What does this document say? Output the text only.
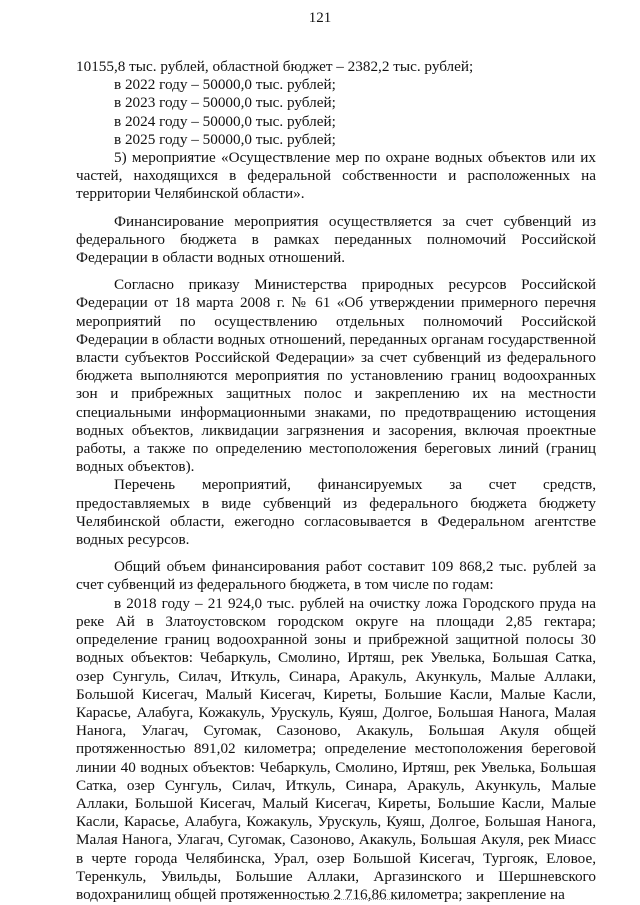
121

10155,8 тыс. рублей, областной бюджет – 2382,2 тыс. рублей;

в 2022 году – 50000,0 тыс. рублей;

в 2023 году – 50000,0 тыс. рублей;

в 2024 году – 50000,0 тыс. рублей;

в 2025 году – 50000,0 тыс. рублей;

5) мероприятие «Осуществление мер по охране водных объектов или их частей, находящихся в федеральной собственности и расположенных на территории Челябинской области».

Финансирование мероприятия осуществляется за счет субвенций из федерального бюджета в рамках переданных полномочий Российской Федерации в области водных отношений.

Согласно приказу Министерства природных ресурсов Российской Федерации от 18 марта 2008 г. № 61 «Об утверждении примерного перечня мероприятий по осуществлению отдельных полномочий Российской Федерации в области водных отношений, переданных органам государственной власти субъектов Российской Федерации» за счет субвенций из федерального бюджета выполняются мероприятия по установлению границ водоохранных зон и прибрежных защитных полос и закреплению их на местности специальными информационными знаками, по предотвращению истощения водных объектов, ликвидации загрязнения и засорения, включая проектные работы, а также по определению местоположения береговых линий (границ водных объектов).

Перечень мероприятий, финансируемых за счет средств, предоставляемых в виде субвенций из федерального бюджета бюджету Челябинской области, ежегодно согласовывается в Федеральном агентстве водных ресурсов.

Общий объем финансирования работ составит 109 868,2 тыс. рублей за счет субвенций из федерального бюджета, в том числе по годам:

в 2018 году – 21 924,0 тыс. рублей на очистку ложа Городского пруда на реке Ай в Златоустовском городском округе на площади 2,85 гектара; определение границ водоохранной зоны и прибрежной защитной полосы 30 водных объектов: Чебаркуль, Смолино, Иртяш, рек Увелька, Большая Сатка, озер Сунгуль, Силач, Иткуль, Синара, Аракуль, Акункуль, Малые Аллаки, Большой Кисегач, Малый Кисегач, Киреты, Большие Касли, Малые Касли, Карасье, Алабуга, Кожакуль, Урускуль, Куяш, Долгое, Большая Нанога, Малая Нанога, Улагач, Сугомак, Сазоново, Акакуль, Большая Акуля общей протяженностью 891,02 километра; определение местоположения береговой линии 40 водных объектов: Чебаркуль, Смолино, Иртяш, рек Увелька, Большая Сатка, озер Сунгуль, Силач, Иткуль, Синара, Аракуль, Акункуль, Малые Аллаки, Большой Кисегач, Малый Кисегач, Киреты, Большие Касли, Малые Касли, Карасье, Алабуга, Кожакуль, Урускуль, Куяш, Долгое, Большая Нанога, Малая Нанога, Улагач, Сугомак, Сазоново, Акакуль, Большая Акуля, рек Миасс в черте города Челябинска, Урал, озер Большой Кисегач, Тургояк, Еловое, Теренкуль, Увильды, Большие Аллаки, Аргазинского и Шершневского водохранилищ общей протяженностью 2 716,86 километра; закрепление на
